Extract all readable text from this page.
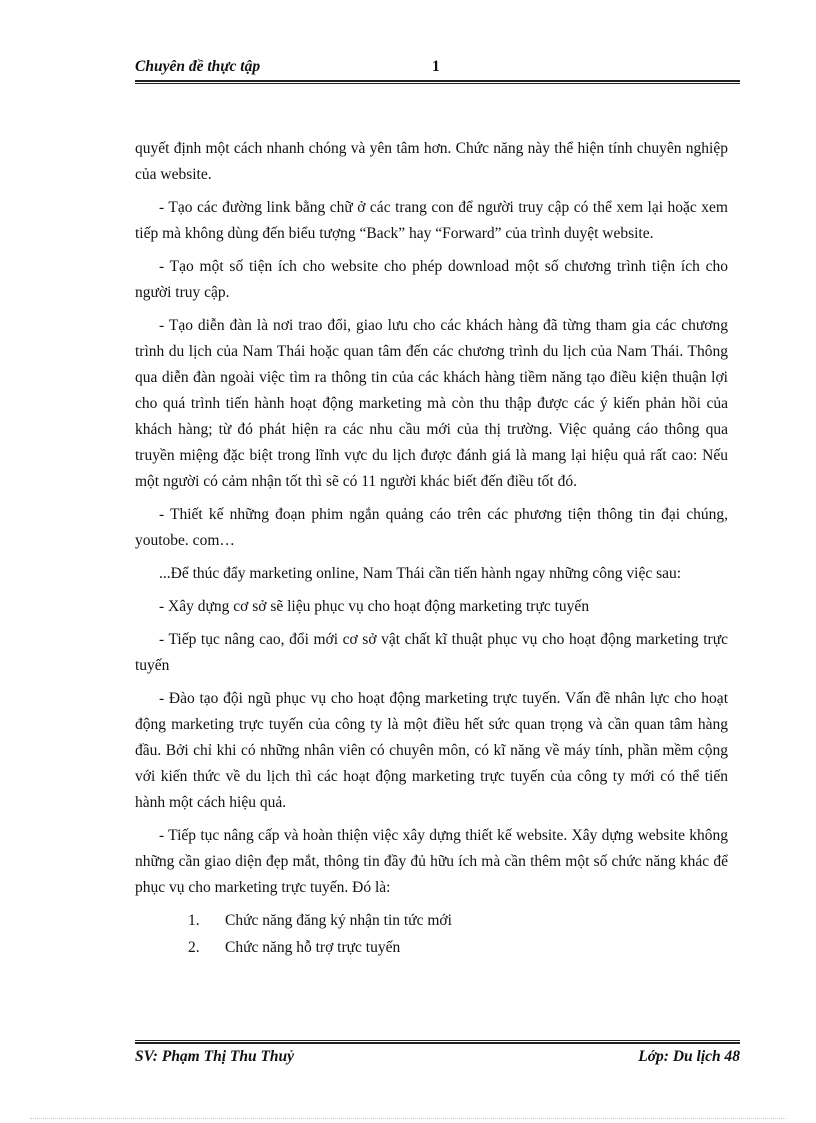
Chuyên đề thực tập	1

quyết định một cách nhanh chóng và yên tâm hơn. Chức năng này thể hiện tính chuyên nghiệp của website.

- Tạo các đường link bằng chữ ở các trang con để người truy cập có thể xem lại hoặc xem tiếp mà không dùng đến biểu tượng “Back” hay “Forward” của trình duyệt website.

- Tạo một số tiện ích cho website cho phép download một số chương trình tiện ích cho người truy cập.

- Tạo diễn đàn là nơi trao đổi, giao lưu cho các khách hàng đã từng tham gia các chương trình du lịch của Nam Thái hoặc quan tâm đến các chương trình du lịch của Nam Thái. Thông qua diễn đàn ngoài việc tìm ra thông tin của các khách hàng tiềm năng tạo điều kiện thuận lợi cho quá trình tiến hành hoạt động marketing mà còn thu thập được các ý kiến phản hồi của khách hàng; từ đó phát hiện ra các nhu cầu mới của thị trường. Việc quảng cáo thông qua truyền miệng đặc biệt trong lĩnh vực du lịch được đánh giá là mang lại hiệu quả rất cao: Nếu một người có cảm nhận tốt thì sẽ có 11 người khác biết đến điều tốt đó.

- Thiết kế những đoạn phim ngắn quảng cáo trên các phương tiện thông tin đại chúng, youtobe. com…

...Để thúc đẩy marketing online, Nam Thái cần tiến hành ngay những công việc sau:

- Xây dựng cơ sở sẽ liệu phục vụ cho hoạt động marketing trực tuyến

- Tiếp tục nâng cao, đổi mới cơ sở vật chất kĩ thuật phục vụ cho hoạt động marketing trực tuyến

- Đào tạo đội ngũ phục vụ cho hoạt động marketing trực tuyến. Vấn đề nhân lực cho hoạt động marketing trực tuyến của công ty là một điều hết sức quan trọng và cần quan tâm hàng đầu. Bởi chỉ khi có những nhân viên có chuyên môn, có kĩ năng về máy tính, phần mềm cộng với kiến thức về du lịch thì các hoạt động marketing trực tuyến của công ty mới có thể tiến hành một cách hiệu quả.

- Tiếp tục nâng cấp và hoàn thiện việc xây dựng thiết kế website. Xây dựng website không những cần giao diện đẹp mắt, thông tin đầy đủ hữu ích mà cần thêm một số chức năng khác để phục vụ cho marketing trực tuyến. Đó là:

1. Chức năng đăng ký nhận tin tức mới
2. Chức năng hỗ trợ trực tuyến
SV: Phạm Thị Thu Thuỷ	Lớp: Du lịch 48
